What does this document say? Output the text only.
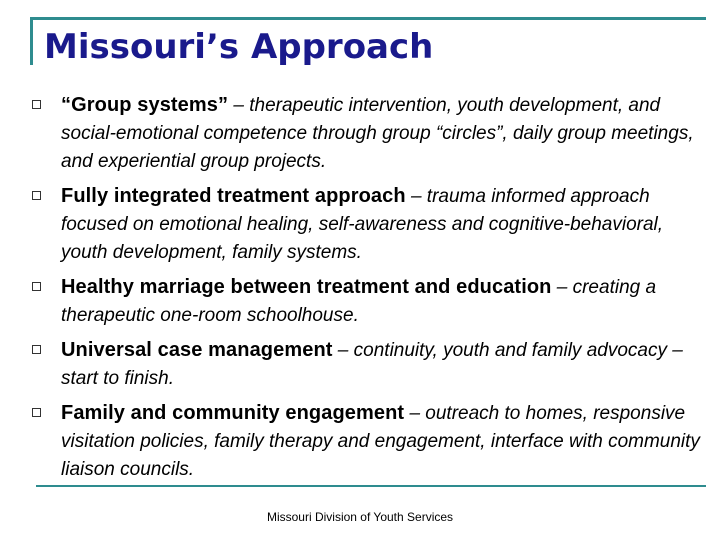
Missouri’s Approach
“Group systems” – therapeutic intervention, youth development, and social-emotional competence through group “circles”, daily group meetings, and experiential group projects.
Fully integrated treatment approach – trauma informed approach focused on emotional healing, self-awareness and cognitive-behavioral, youth development, family systems.
Healthy marriage between treatment and education – creating a therapeutic one-room schoolhouse.
Universal case management – continuity, youth and family advocacy – start to finish.
Family and community engagement – outreach to homes, responsive visitation policies, family therapy and engagement, interface with community liaison councils.
Missouri Division of Youth Services
